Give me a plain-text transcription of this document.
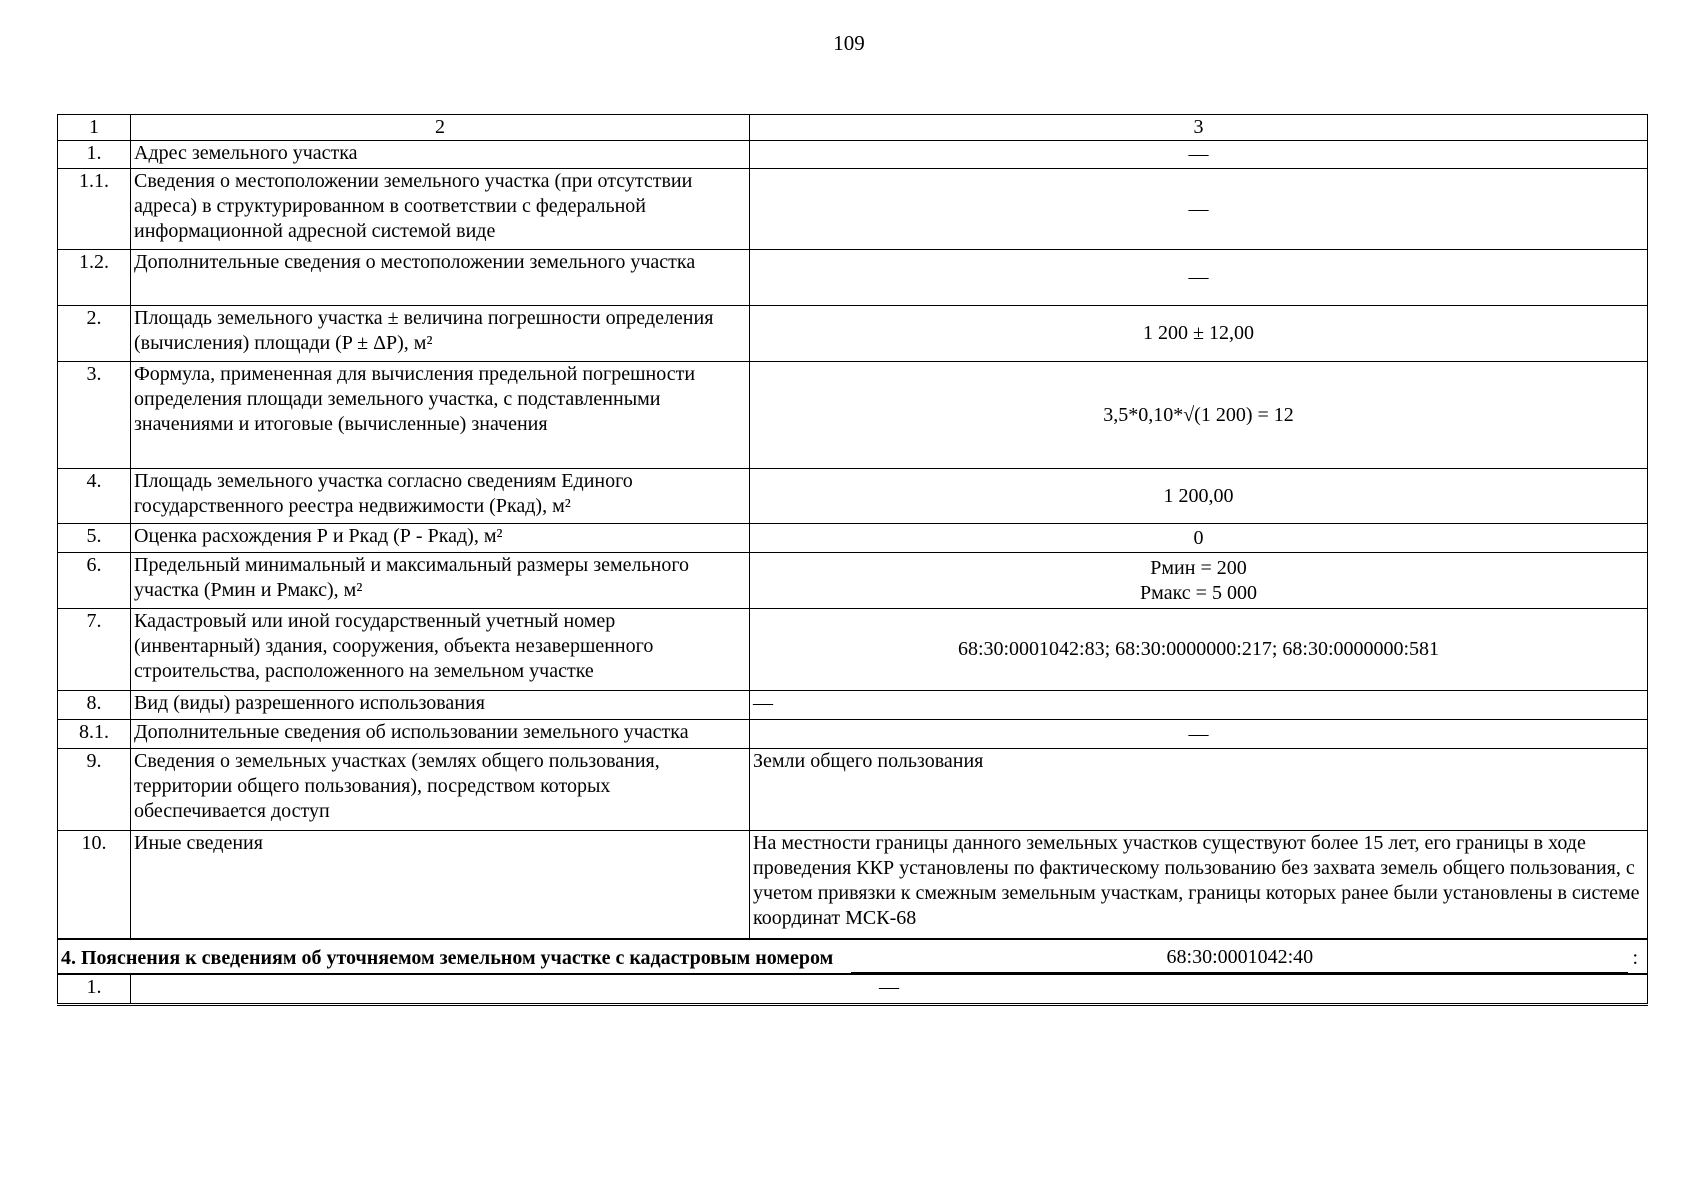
109
1	2	3
1.	Адрес земельного участка	—
1.1.	Сведения о местоположении земельного участка (при отсутствии адреса) в структурированном в соответствии с федеральной информационной адресной системой виде	—
1.2.	Дополнительные сведения о местоположении земельного участка	—
2.	Площадь земельного участка ± величина погрешности определения (вычисления) площади (P ± ΔP), м²	1 200 ± 12,00
3.	Формула, примененная для вычисления предельной погрешности определения площади земельного участка, с подставленными значениями и итоговые (вычисленные) значения	3,5*0,10*√(1 200) = 12
4.	Площадь земельного участка согласно сведениям Единого государственного реестра недвижимости (Ркад), м²	1 200,00
5.	Оценка расхождения Р и Ркад (Р - Ркад), м²	0
6.	Предельный минимальный и максимальный размеры земельного участка (Pмин и Pмакс), м²	Pмин = 200
Pмакс = 5 000
7.	Кадастровый или иной государственный учетный номер (инвентарный) здания, сооружения, объекта незавершенного строительства, расположенного на земельном участке	68:30:0001042:83; 68:30:0000000:217; 68:30:0000000:581
8.	Вид (виды) разрешенного использования	—
8.1.	Дополнительные сведения об использовании земельного участка	—
9.	Сведения о земельных участках (землях общего пользования, территории общего пользования), посредством которых обеспечивается доступ	Земли общего пользования
10.	Иные сведения	На местности границы данного земельных участков существуют более 15 лет, его границы в ходе проведения ККР установлены по фактическому пользованию без захвата земель общего пользования, с учетом привязки к смежным земельным участкам, границы которых ранее были установлены в системе координат МСК-68

4. Пояснения к сведениям об уточняемом земельном участке с кадастровым номером 68:30:0001042:40 :		

1.	—	
